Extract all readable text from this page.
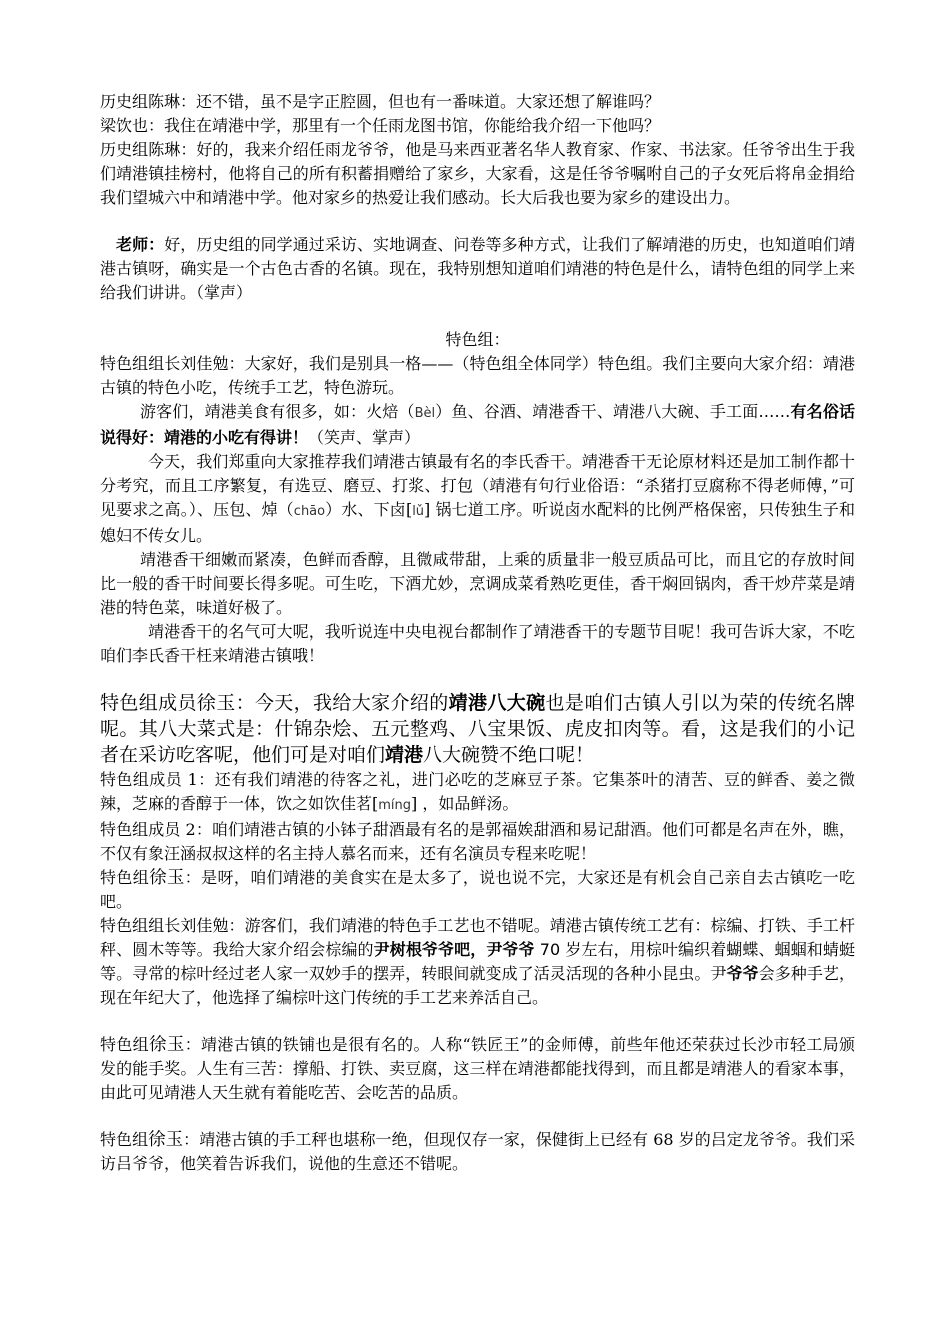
历史组陈琳：还不错，虽不是字正腔圆，但也有一番味道。大家还想了解谁吗？

梁饮也：我住在靖港中学，那里有一个任雨龙图书馆，你能给我介绍一下他吗？

历史组陈琳：好的，我来介绍任雨龙爷爷，他是马来西亚著名华人教育家、作家、书法家。任爷爷出生于我们靖港镇挂榜村，他将自己的所有积蓄捐赠给了家乡，大家看，这是任爷爷嘱咐自己的子女死后将帛金捐给我们望城六中和靖港中学。他对家乡的热爱让我们感动。长大后我也要为家乡的建设出力。

老师：好，历史组的同学通过采访、实地调查、问卷等多种方式，让我们了解靖港的历史，也知道咱们靖港古镇呀，确实是一个古色古香的名镇。现在，我特别想知道咱们靖港的特色是什么，请特色组的同学上来给我们讲讲。（掌声）

特色组：

特色组组长刘佳勉：大家好，我们是别具一格——（特色组全体同学）特色组。我们主要向大家介绍：靖港古镇的特色小吃，传统手工艺，特色游玩。

游客们，靖港美食有很多，如：火焙（Bèl）鱼、谷酒、靖港香干、靖港八大碗、手工面……有名俗话说得好：靖港的小吃有得讲！（笑声、掌声）

今天，我们郑重向大家推荐我们靖港古镇最有名的李氏香干。靖港香干无论原材料还是加工制作都十分考究，而且工序繁复，有选豆、磨豆、打浆、打包（靖港有句行业俗语：“杀猪打豆腐称不得老师傅，”可见要求之高。）、压包、焯（chāo）水、下卤[lǔ] 锅七道工序。听说卤水配料的比例严格保密，只传独生子和媳妇不传女儿。

靖港香干细嫩而紧凑，色鲜而香醇，且微咸带甜，上乘的质量非一般豆质品可比，而且它的存放时间比一般的香干时间要长得多呢。可生吃，下酒尤妙，烹调成菜肴熟吃更佳，香干焖回锅肉，香干炒芹菜是靖港的特色菜，味道好极了。

靖港香干的名气可大呢，我听说连中央电视台都制作了靖港香干的专题节目呢！我可告诉大家，不吃咱们李氏香干枉来靖港古镇哦！

特色组成员徐玉：今天，我给大家介绍的靖港八大碗也是咱们古镇人引以为荣的传统名牌呢。其八大菜式是：什锦杂烩、五元整鸡、八宝果饭、虎皮扣肉等。看，这是我们的小记者在采访吃客呢，他们可是对咱们靖港八大碗赞不绝口呢！

特色组成员 1：还有我们靖港的待客之礼，进门必吃的芝麻豆子茶。它集茶叶的清苦、豆的鲜香、姜之微辣，芝麻的香醇于一体，饮之如饮佳茗[míng] ，如品鲜汤。

特色组成员 2：咱们靖港古镇的小钵子甜酒最有名的是郭福娭甜酒和易记甜酒。他们可都是名声在外，瞧，不仅有象汪涵叔叔这样的名主持人慕名而来，还有名演员专程来吃呢！

特色组徐玉：是呀，咱们靖港的美食实在是太多了，说也说不完，大家还是有机会自己亲自去古镇吃一吃吧。

特色组组长刘佳勉：游客们，我们靖港的特色手工艺也不错呢。靖港古镇传统工艺有：棕编、打铁、手工杆秤、圆木等等。我给大家介绍会棕编的尹树根爷爷吧，尹爷爷 70 岁左右，用棕叶编织着蝴蝶、蝈蝈和蜻蜓等。寻常的棕叶经过老人家一双妙手的摆弄，转眼间就变成了活灵活现的各种小昆虫。尹爷爷会多种手艺，现在年纪大了，他选择了编棕叶这门传统的手工艺来养活自己。

特色组徐玉：靖港古镇的铁铺也是很有名的。人称“铁匠王”的金师傅，前些年他还荣获过长沙市轻工局颁发的能手奖。人生有三苦：撑船、打铁、卖豆腐，这三样在靖港都能找得到，而且都是靖港人的看家本事，由此可见靖港人天生就有着能吃苦、会吃苦的品质。

特色组徐玉：靖港古镇的手工秤也堪称一绝，但现仅存一家，保健街上已经有 68 岁的吕定龙爷爷。我们采访吕爷爷，他笑着告诉我们，说他的生意还不错呢。
